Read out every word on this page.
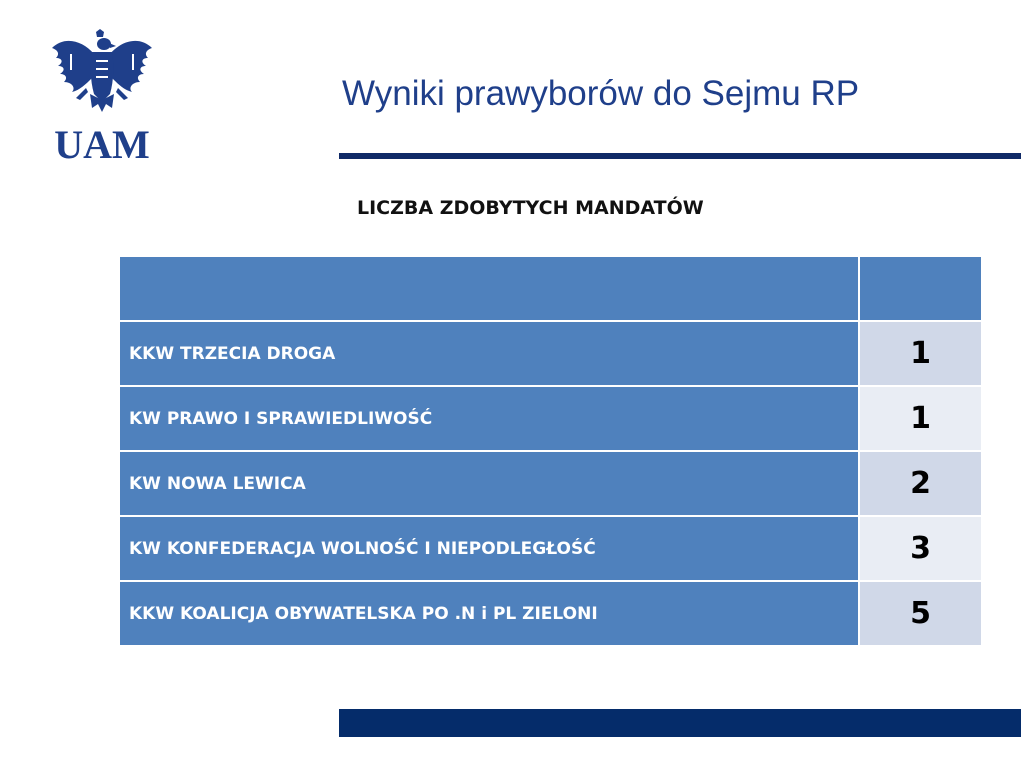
UAM
Wyniki prawyborów do Sejmu RP
LICZBA ZDOBYTYCH MANDATÓW

KKW TRZECIA DROGA	1
KW PRAWO I SPRAWIEDLIWOŚĆ	1
KW NOWA LEWICA	2
KW KONFEDERACJA WOLNOŚĆ I NIEPODLEGŁOŚĆ	3
KKW KOALICJA OBYWATELSKA PO .N i PL ZIELONI	5
